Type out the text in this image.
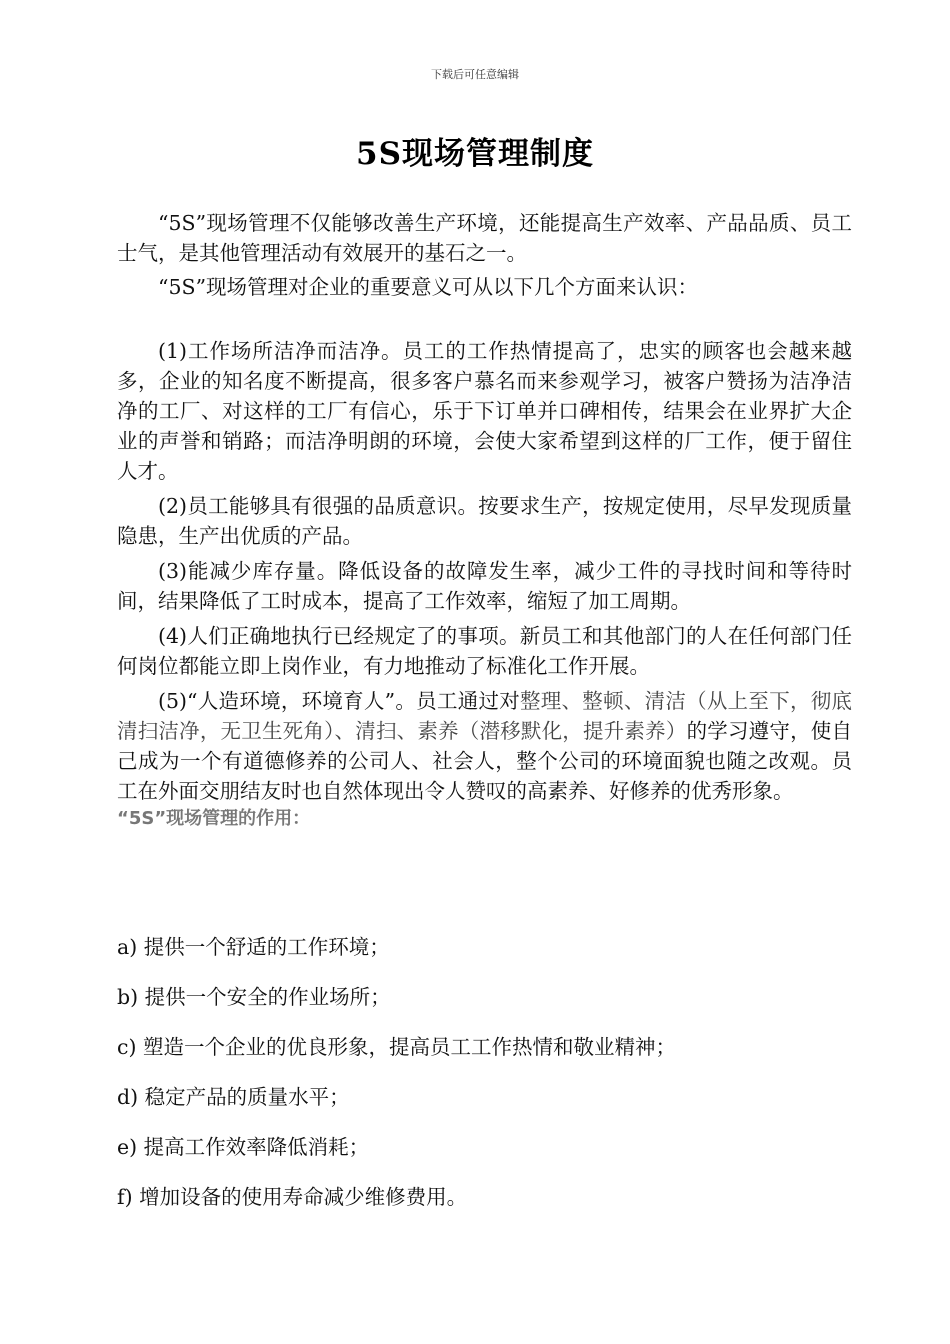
下载后可任意编辑
5S现场管理制度

“5S”现场管理不仅能够改善生产环境，还能提高生产效率、产品品质、员工士气，是其他管理活动有效展开的基石之一。

“5S”现场管理对企业的重要意义可从以下几个方面来认识：

(1)工作场所洁净而洁净。员工的工作热情提高了，忠实的顾客也会越来越多，企业的知名度不断提高，很多客户慕名而来参观学习，被客户赞扬为洁净洁净的工厂、对这样的工厂有信心，乐于下订单并口碑相传，结果会在业界扩大企业的声誉和销路；而洁净明朗的环境，会使大家希望到这样的厂工作，便于留住人才。

(2)员工能够具有很强的品质意识。按要求生产，按规定使用，尽早发现质量隐患，生产出优质的产品。

(3)能减少库存量。降低设备的故障发生率，减少工件的寻找时间和等待时间，结果降低了工时成本，提高了工作效率，缩短了加工周期。

(4)人们正确地执行已经规定了的事项。新员工和其他部门的人在任何部门任何岗位都能立即上岗作业，有力地推动了标准化工作开展。

(5)“人造环境，环境育人”。员工通过对整理、整顿、清洁（从上至下，彻底清扫洁净，无卫生死角）、清扫、素养（潜移默化，提升素养）的学习遵守，使自己成为一个有道德修养的公司人、社会人，整个公司的环境面貌也随之改观。员工在外面交朋结友时也自然体现出令人赞叹的高素养、好修养的优秀形象。

“5S”现场管理的作用：

a) 提供一个舒适的工作环境；

b) 提供一个安全的作业场所；

c) 塑造一个企业的优良形象，提高员工工作热情和敬业精神；

d) 稳定产品的质量水平；

e) 提高工作效率降低消耗；

f) 增加设备的使用寿命减少维修费用。
